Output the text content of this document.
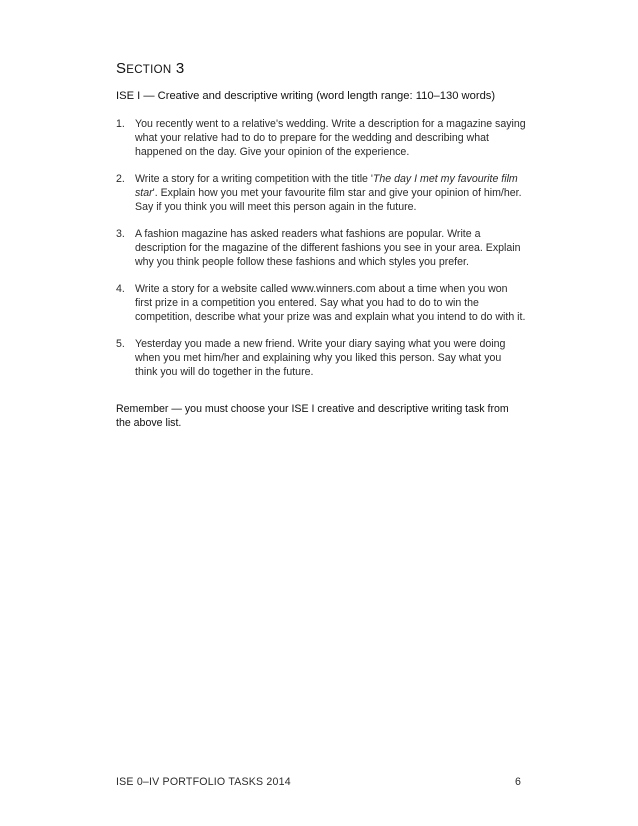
SECTION 3
ISE I — Creative and descriptive writing (word length range: 110–130 words)
1. You recently went to a relative's wedding. Write a description for a magazine saying what your relative had to do to prepare for the wedding and describing what happened on the day. Give your opinion of the experience.
2. Write a story for a writing competition with the title 'The day I met my favourite film star'. Explain how you met your favourite film star and give your opinion of him/her. Say if you think you will meet this person again in the future.
3. A fashion magazine has asked readers what fashions are popular. Write a description for the magazine of the different fashions you see in your area. Explain why you think people follow these fashions and which styles you prefer.
4. Write a story for a website called www.winners.com about a time when you won first prize in a competition you entered. Say what you had to do to win the competition, describe what your prize was and explain what you intend to do with it.
5. Yesterday you made a new friend. Write your diary saying what you were doing when you met him/her and explaining why you liked this person. Say what you think you will do together in the future.
Remember — you must choose your ISE I creative and descriptive writing task from the above list.
ISE 0–IV PORTFOLIO TASKS 2014	6
